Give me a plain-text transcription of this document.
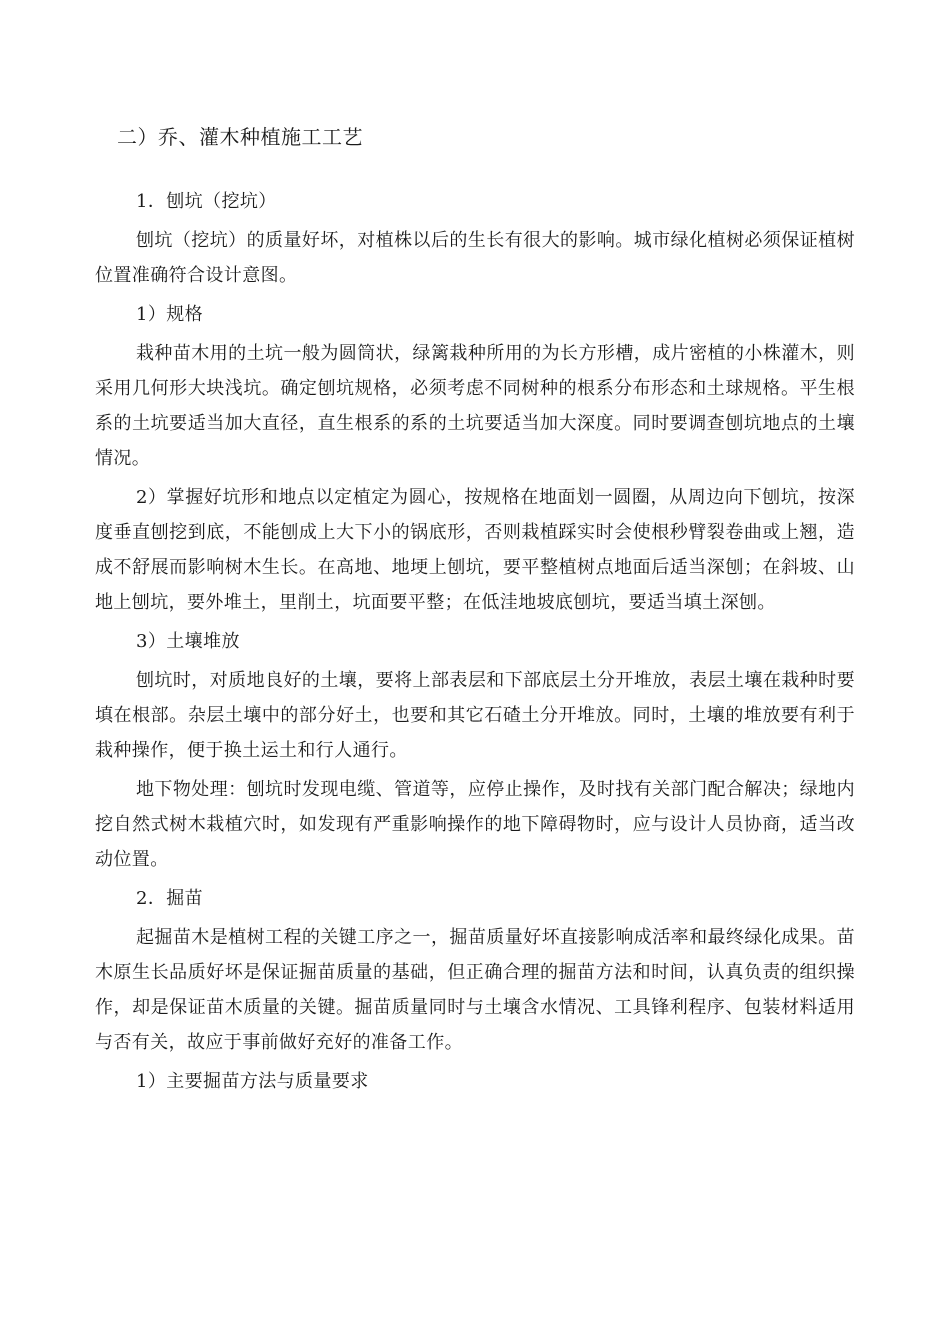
二）乔、灌木种植施工工艺

1．刨坑（挖坑）

刨坑（挖坑）的质量好坏，对植株以后的生长有很大的影响。城市绿化植树必须保证植树位置准确符合设计意图。

1）规格

栽种苗木用的土坑一般为圆筒状，绿篱栽种所用的为长方形槽，成片密植的小株灌木，则采用几何形大块浅坑。确定刨坑规格，必须考虑不同树种的根系分布形态和土球规格。平生根系的土坑要适当加大直径，直生根系的系的土坑要适当加大深度。同时要调查刨坑地点的土壤情况。

2）掌握好坑形和地点以定植定为圆心，按规格在地面划一圆圈，从周边向下刨坑，按深度垂直刨挖到底，不能刨成上大下小的锅底形，否则栽植踩实时会使根秒臂裂卷曲或上翘，造成不舒展而影响树木生长。在高地、地埂上刨坑，要平整植树点地面后适当深刨；在斜坡、山地上刨坑，要外堆土，里削土，坑面要平整；在低洼地坡底刨坑，要适当填土深刨。

3）土壤堆放

刨坑时，对质地良好的土壤，要将上部表层和下部底层土分开堆放，表层土壤在栽种时要填在根部。杂层土壤中的部分好土，也要和其它石碴土分开堆放。同时，土壤的堆放要有利于栽种操作，便于换土运土和行人通行。

地下物处理：刨坑时发现电缆、管道等，应停止操作，及时找有关部门配合解决；绿地内挖自然式树木栽植穴时，如发现有严重影响操作的地下障碍物时，应与设计人员协商，适当改动位置。

2．掘苗

起掘苗木是植树工程的关键工序之一，掘苗质量好坏直接影响成活率和最终绿化成果。苗木原生长品质好坏是保证掘苗质量的基础，但正确合理的掘苗方法和时间，认真负责的组织操作，却是保证苗木质量的关键。掘苗质量同时与土壤含水情况、工具锋利程序、包装材料适用与否有关，故应于事前做好充好的准备工作。

1）主要掘苗方法与质量要求
